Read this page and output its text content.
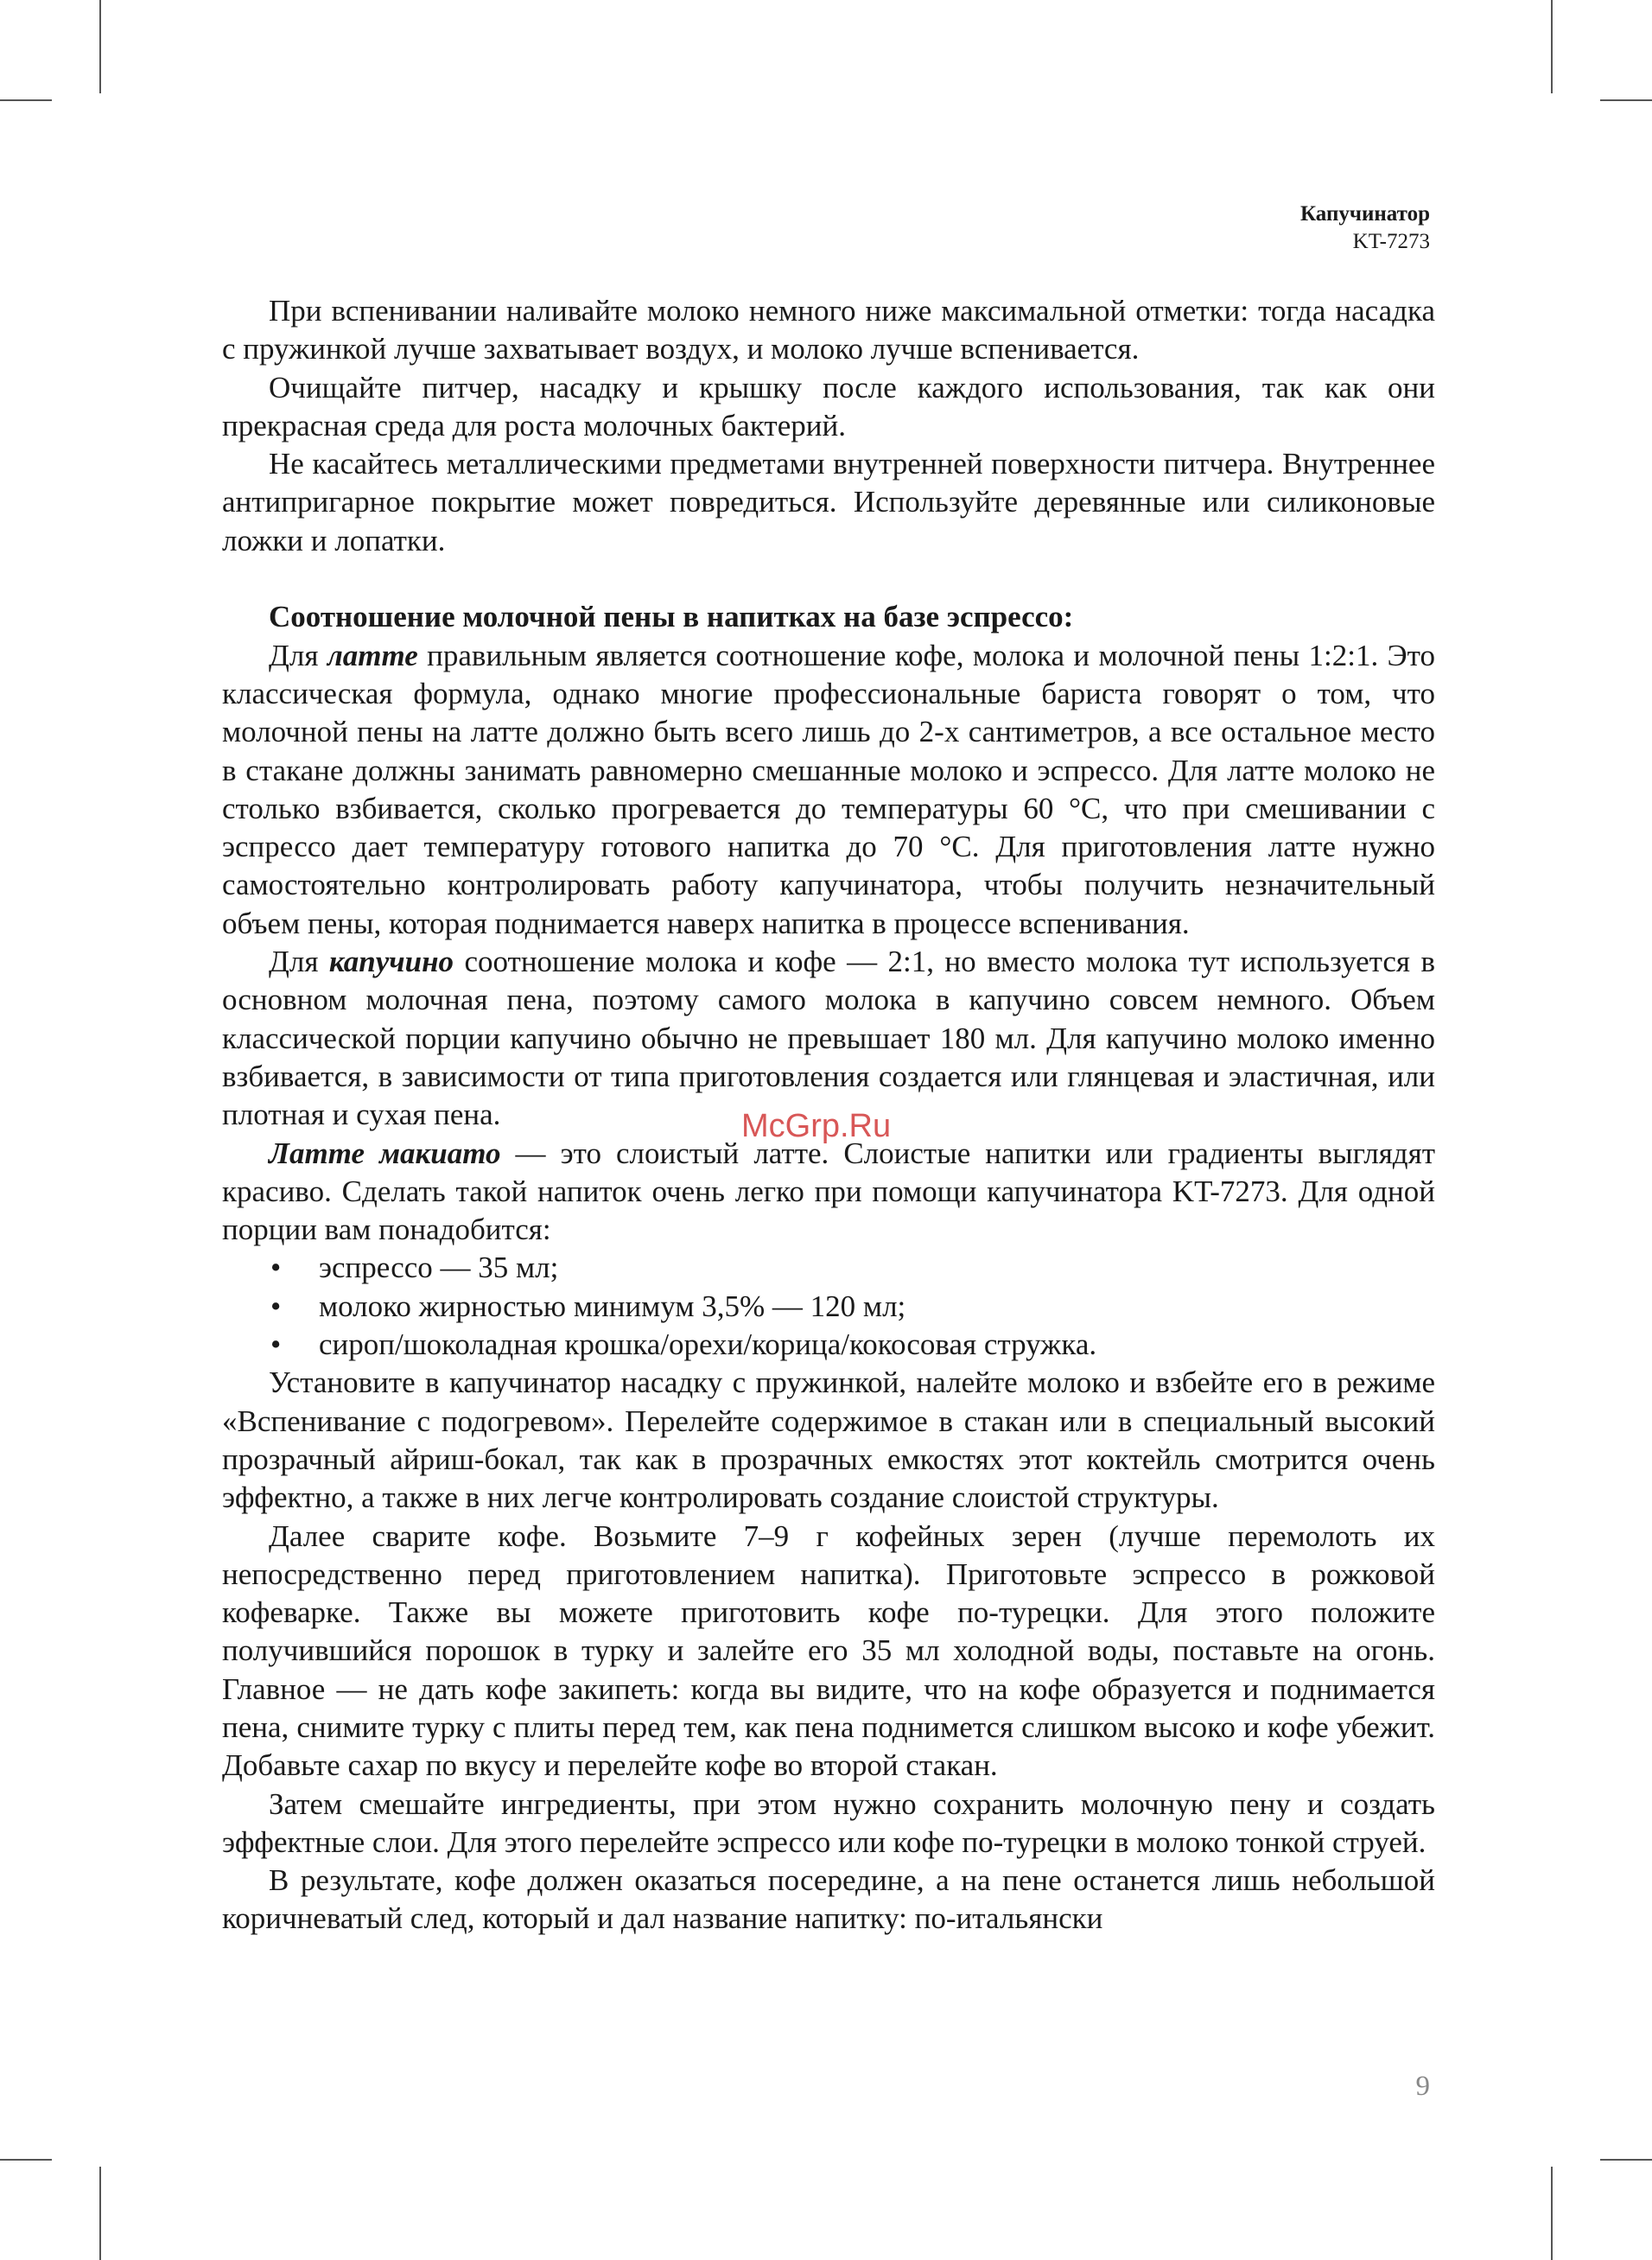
Капучинатор
KT-7273

При вспенивании наливайте молоко немного ниже максимальной отметки: тогда насадка с пружинкой лучше захватывает воздух, и молоко лучше вспенивается.

Очищайте питчер, насадку и крышку после каждого использования, так как они прекрасная среда для роста молочных бактерий.

Не касайтесь металлическими предметами внутренней поверхности питчера. Внутреннее антипригарное покрытие может повредиться. Используйте деревянные или силиконовые ложки и лопатки.

Соотношение молочной пены в напитках на базе эспрессо:

Для латте правильным является соотношение кофе, молока и молочной пены 1:2:1. Это классическая формула, однако многие профессиональные бариста говорят о том, что молочной пены на латте должно быть всего лишь до 2-х сантиметров, а все остальное место в стакане должны занимать равномерно смешанные молоко и эспрессо. Для латте молоко не столько взбивается, сколько прогревается до температуры 60 °С, что при смешивании с эспрессо дает температуру готового напитка до 70 °С. Для приготовления латте нужно самостоятельно контролировать работу капучинатора, чтобы получить незначительный объем пены, которая поднимается наверх напитка в процессе вспенивания.

Для капучино соотношение молока и кофе — 2:1, но вместо молока тут используется в основном молочная пена, поэтому самого молока в капучино совсем немного. Объем классической порции капучино обычно не превышает 180 мл. Для капучино молоко именно взбивается, в зависимости от типа приготовления создается или глянцевая и эластичная, или плотная и сухая пена.

Латте макиато — это слоистый латте. Слоистые напитки или градиенты выглядят красиво. Сделать такой напиток очень легко при помощи капучинатора KT-7273. Для одной порции вам понадобится:

• эспрессо — 35 мл;
• молоко жирностью минимум 3,5% — 120 мл;
• сироп/шоколадная крошка/орехи/корица/кокосовая стружка.

Установите в капучинатор насадку с пружинкой, налейте молоко и взбейте его в режиме «Вспенивание с подогревом». Перелейте содержимое в стакан или в специальный высокий прозрачный айриш-бокал, так как в прозрачных емкостях этот коктейль смотрится очень эффектно, а также в них легче контролировать создание слоистой структуры.

Далее сварите кофе. Возьмите 7–9 г кофейных зерен (лучше перемолоть их непосредственно перед приготовлением напитка). Приготовьте эспрессо в рожковой кофеварке. Также вы можете приготовить кофе по-турецки. Для этого положите получившийся порошок в турку и залейте его 35 мл холодной воды, поставьте на огонь. Главное — не дать кофе закипеть: когда вы видите, что на кофе образуется и поднимается пена, снимите турку с плиты перед тем, как пена поднимется слишком высоко и кофе убежит. Добавьте сахар по вкусу и перелейте кофе во второй стакан.

Затем смешайте ингредиенты, при этом нужно сохранить молочную пену и создать эффектные слои. Для этого перелейте эспрессо или кофе по-турецки в молоко тонкой струей.

В результате, кофе должен оказаться посередине, а на пене останется лишь небольшой коричневатый след, который и дал название напитку: по-итальянски

McGrp.Ru
9
